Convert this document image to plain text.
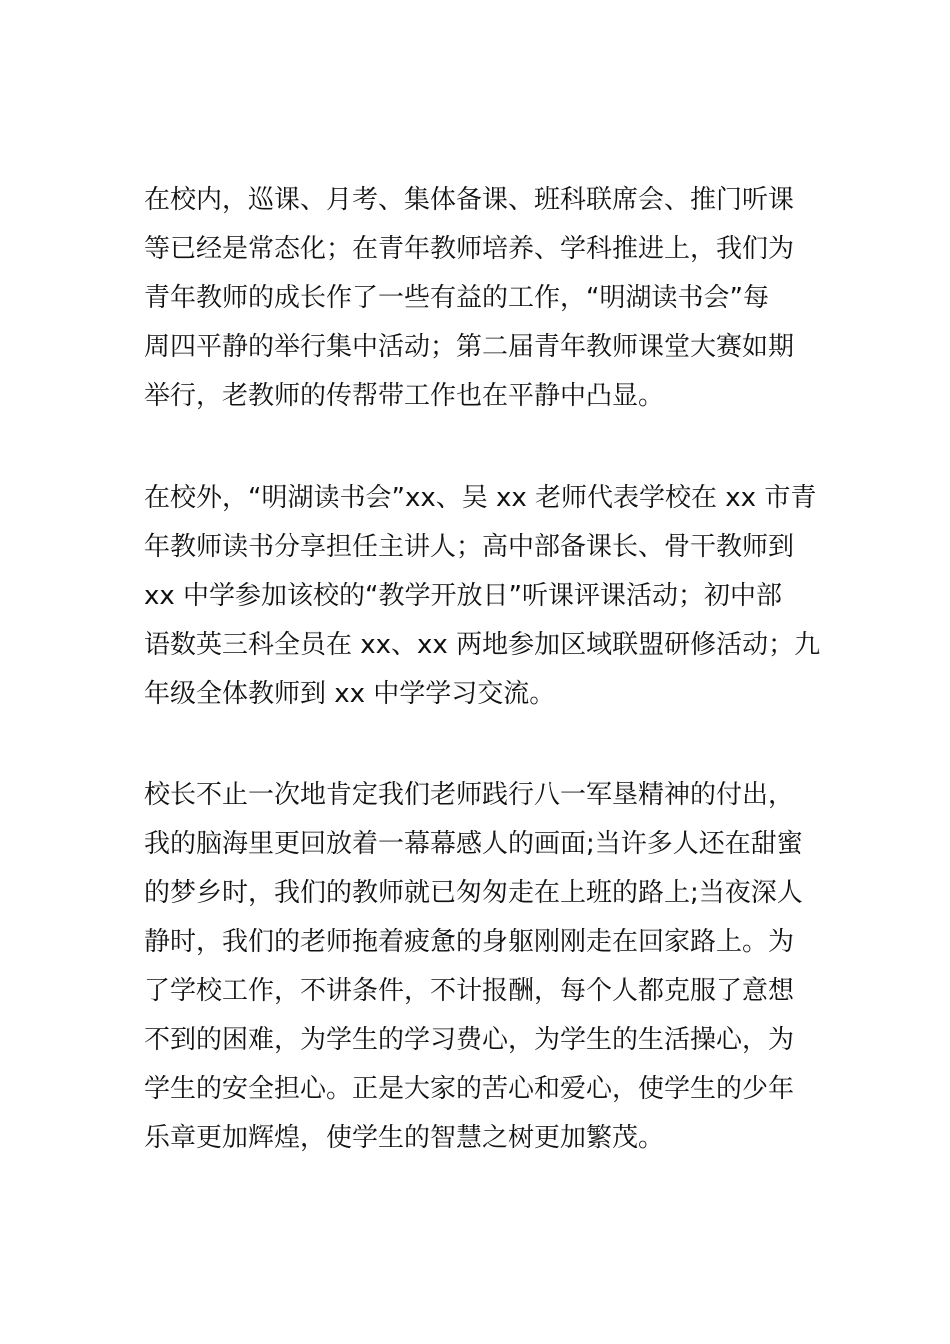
在校内，巡课、月考、集体备课、班科联席会、推门听课
等已经是常态化；在青年教师培养、学科推进上，我们为
青年教师的成长作了一些有益的工作，“明湖读书会”每
周四平静的举行集中活动；第二届青年教师课堂大赛如期
举行，老教师的传帮带工作也在平静中凸显。

在校外，“明湖读书会”xx、吴 xx 老师代表学校在 xx 市青
年教师读书分享担任主讲人；高中部备课长、骨干教师到
xx 中学参加该校的“教学开放日”听课评课活动；初中部
语数英三科全员在 xx、xx 两地参加区域联盟研修活动；九
年级全体教师到 xx 中学学习交流。

校长不止一次地肯定我们老师践行八一军垦精神的付出，
我的脑海里更回放着一幕幕感人的画面;当许多人还在甜蜜
的梦乡时，我们的教师就已匆匆走在上班的路上;当夜深人
静时，我们的老师拖着疲惫的身躯刚刚走在回家路上。为
了学校工作，不讲条件，不计报酬，每个人都克服了意想
不到的困难，为学生的学习费心，为学生的生活操心，为
学生的安全担心。正是大家的苦心和爱心，使学生的少年
乐章更加辉煌，使学生的智慧之树更加繁茂。
